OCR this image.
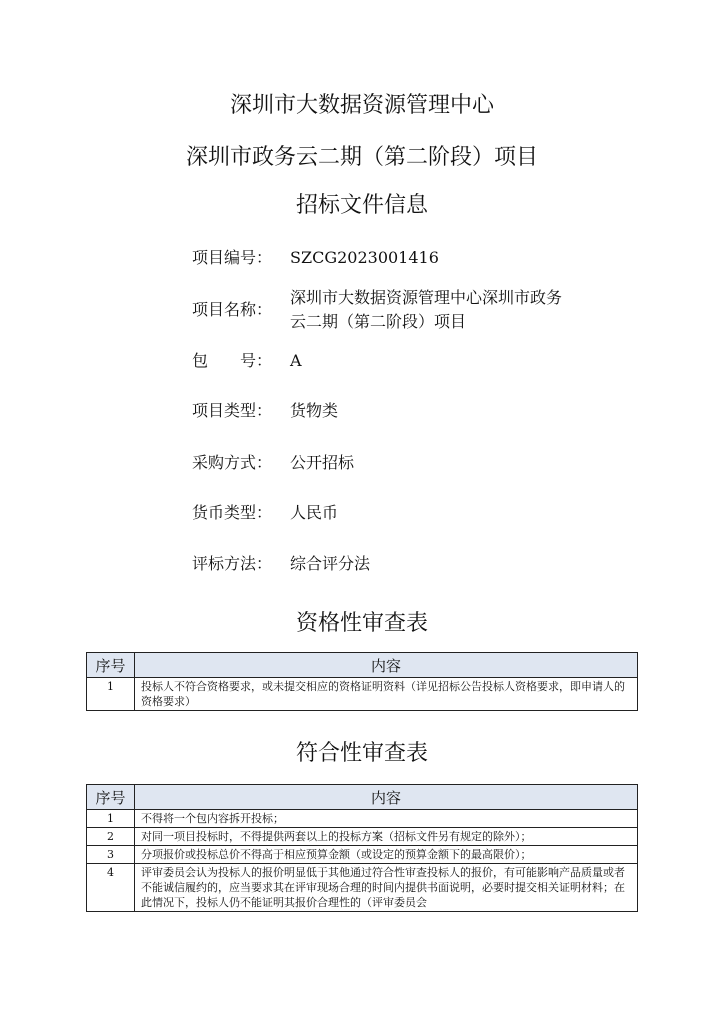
深圳市大数据资源管理中心
深圳市政务云二期（第二阶段）项目
招标文件信息
项目编号：	SZCG2023001416
项目名称：
深圳市大数据资源管理中心深圳市政务云二期（第二阶段）项目
包　　号：	A
项目类型：	货物类
采购方式：	公开招标
货币类型：	人民币
评标方法：	综合评分法
资格性审查表
序号	内容
1	投标人不符合资格要求，或未提交相应的资格证明资料（详见招标公告投标人资格要求，即申请人的资格要求）
符合性审查表
序号	内容
1	不得将一个包内容拆开投标；
2	对同一项目投标时，不得提供两套以上的投标方案（招标文件另有规定的除外）；
3	分项报价或投标总价不得高于相应预算金额（或设定的预算金额下的最高限价）；
4	评审委员会认为投标人的报价明显低于其他通过符合性审查投标人的报价，有可能影响产品质量或者不能诚信履约的，应当要求其在评审现场合理的时间内提供书面说明，必要时提交相关证明材料；在此情况下，投标人仍不能证明其报价合理性的（评审委员会
